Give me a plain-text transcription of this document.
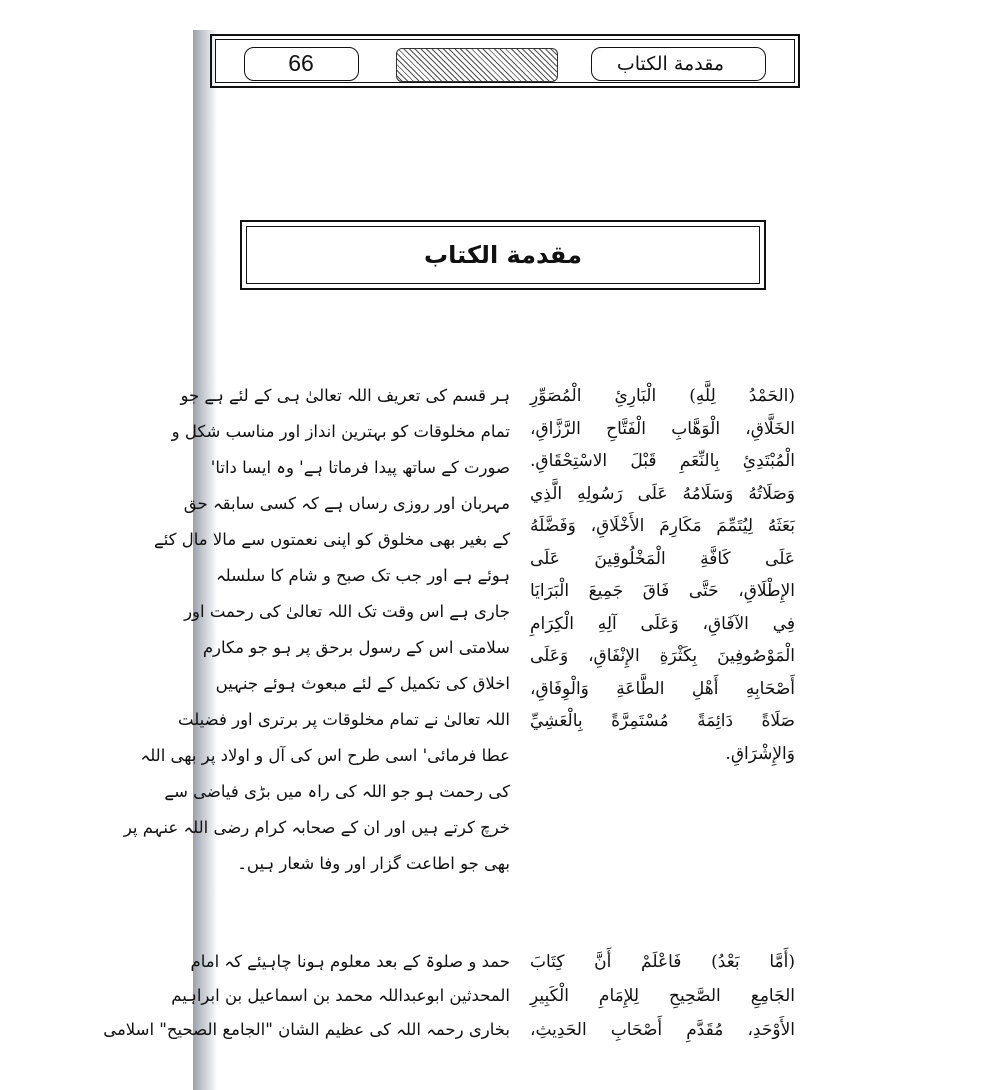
66	مقدمة الكتاب
مقدمة الكتاب
(الحَمْدُ لِلَّهِ) الْبَارِئِ الْمُصَوِّرِ
الخَلَّاقِ، الْوَهَّابِ الْفَتَّاحِ الرَّزَّاقِ،
الْمُبْتَدِئِ بِالنِّعَمِ قَبْلَ الاسْتِحْقَاقِ.
وَصَلَاتُهُ وَسَلَامُهُ عَلَى رَسُولِهِ الَّذِي
بَعَثَهُ لِيُتَمِّمَ مَكَارِمَ الأَخْلَاقِ، وَفَضَّلَهُ
عَلَى كَافَّةِ الْمَخْلُوقِينَ عَلَى
الإِطْلَاقِ، حَتَّى فَاقَ جَمِيعَ الْبَرَايَا
فِي الآفَاقِ، وَعَلَى آلِهِ الْكِرَامِ
الْمَوْصُوفِينَ بِكَثْرَةِ الإِنْفَاقِ، وَعَلَى
أَصْحَابِهِ أَهْلِ الطَّاعَةِ وَالْوِفَاقِ،
صَلَاةً دَائِمَةً مُسْتَمِرَّةً بِالْعَشِيِّ
وَالإِشْرَاقِ.
ہر قسم کی تعریف اللہ تعالیٰ ہی کے لئے ہے جو
تمام مخلوقات کو بہترین انداز اور مناسب شکل و
صورت کے ساتھ پیدا فرماتا ہے' وہ ایسا داتا'
مہربان اور روزی رساں ہے کہ کسی سابقہ حق
کے بغیر بھی مخلوق کو اپنی نعمتوں سے مالا مال کئے
ہوئے ہے اور جب تک صبح و شام کا سلسلہ
جاری ہے اس وقت تک اللہ تعالیٰ کی رحمت اور
سلامتی اس کے رسول برحق پر ہو جو مکارم
اخلاق کی تکمیل کے لئے مبعوث ہوئے جنہیں
اللہ تعالیٰ نے تمام مخلوقات پر برتری اور فضیلت
عطا فرمائی' اسی طرح اس کی آل و اولاد پر بھی اللہ
کی رحمت ہو جو اللہ کی راہ میں بڑی فیاضی سے
خرچ کرتے ہیں اور ان کے صحابہ کرام رضی اللہ عنہم پر
بھی جو اطاعت گزار اور وفا شعار ہیں۔
(أَمَّا بَعْدُ) فَاعْلَمْ أَنَّ كِتَابَ
الجَامِعِ الصَّحِيحِ لِلإِمَامِ الْكَبِيرِ
الأَوْحَدِ، مُقَدَّمِ أَصْحَابِ الحَدِيثِ،
حمد و صلوۃ کے بعد معلوم ہونا چاہیئے کہ امام
المحدثین ابوعبداللہ محمد بن اسماعیل بن ابراہیم
بخاری رحمہ اللہ کی عظیم الشان "الجامع الصحیح" اسلامی
